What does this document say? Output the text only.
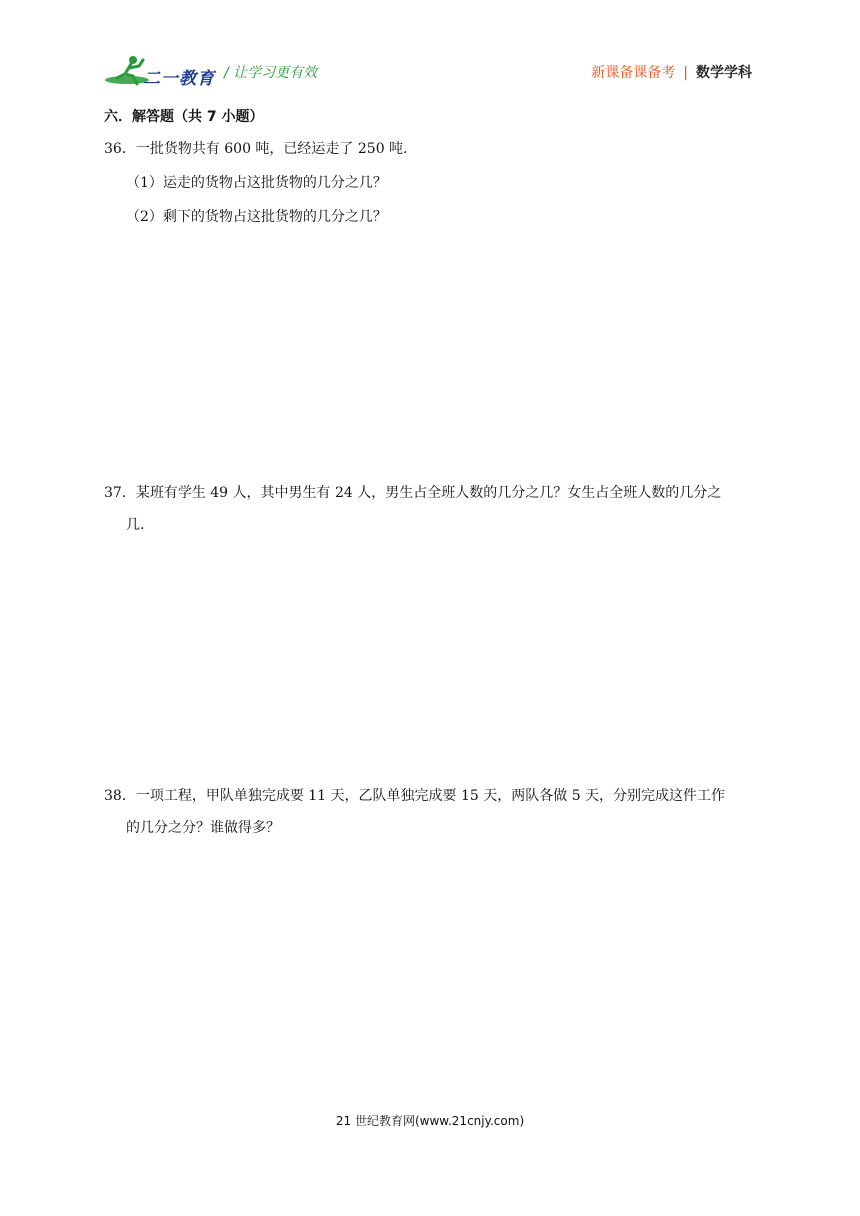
二一教育 / 让学习更有效	新课备课备考 | 数学学科
六．解答题（共 7 小题）
36．一批货物共有 600 吨，已经运走了 250 吨．
（1）运走的货物占这批货物的几分之几？
（2）剩下的货物占这批货物的几分之几？
37．某班有学生 49 人，其中男生有 24 人，男生占全班人数的几分之几？女生占全班人数的几分之
几．
38．一项工程，甲队单独完成要 11 天，乙队单独完成要 15 天，两队各做 5 天，分别完成这件工作
的几分之分？谁做得多？
21 世纪教育网(www.21cnjy.com)
